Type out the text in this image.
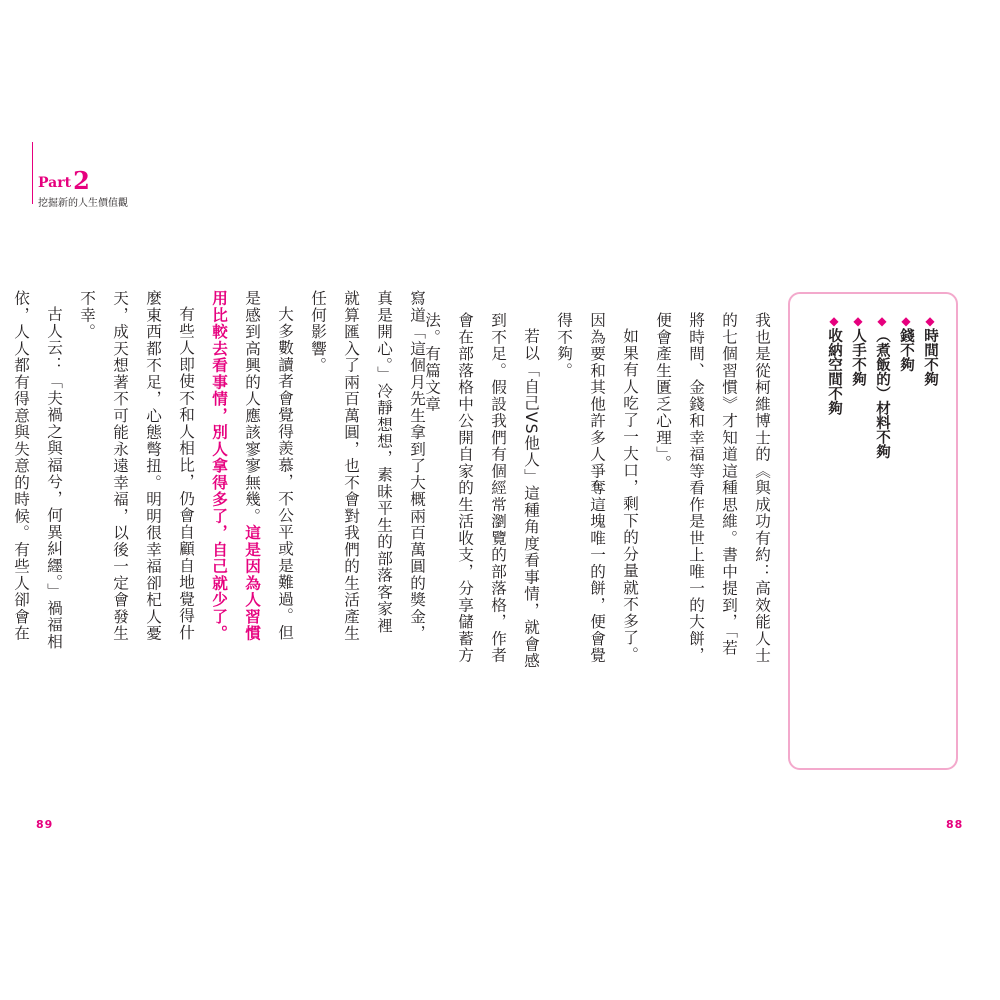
Part2
挖掘新的人生價值觀

寫道「這個月先生拿到了大概兩百萬圓的獎金，真是開心。」冷靜想想，素昧平生的部落客家裡就算匯入了兩百萬圓，也不會對我們的生活產生任何影響。

大多數讀者會覺得羨慕，不公平或是難過。但是感到高興的人應該寥寥無幾。這是因為人習慣用比較去看事情，別人拿得多了，自己就少了。

有些人即使不和人相比，仍會自顧自地覺得什麼東西都不足，心態彆扭。明明很幸福卻杞人憂天，成天想著不可能永遠幸福，以後一定會發生不幸。

古人云：「夫禍之與福兮，何異糾纆。」禍福相依，人人都有得意與失意的時候。有些人卻會在

89

我也是從柯維博士的《與成功有約：高效能人士的七個習慣》才知道這種思維。書中提到，「若將時間、金錢和幸福等看作是世上唯一的大餅，便會產生匱乏心理」。

如果有人吃了一大口，剩下的分量就不多了。因為要和其他許多人爭奪這塊唯一的餅，便會覺得不夠。

若以「自己VS他人」這種角度看事情，就會感到不足。假設我們有個經常瀏覽的部落格，作者會在部落格中公開自家的生活收支，分享儲蓄方法。有篇文章	◆時間不夠
◆錢不夠
◆（煮飯的）材料不夠
◆人手不夠
◆收納空間不夠
88
